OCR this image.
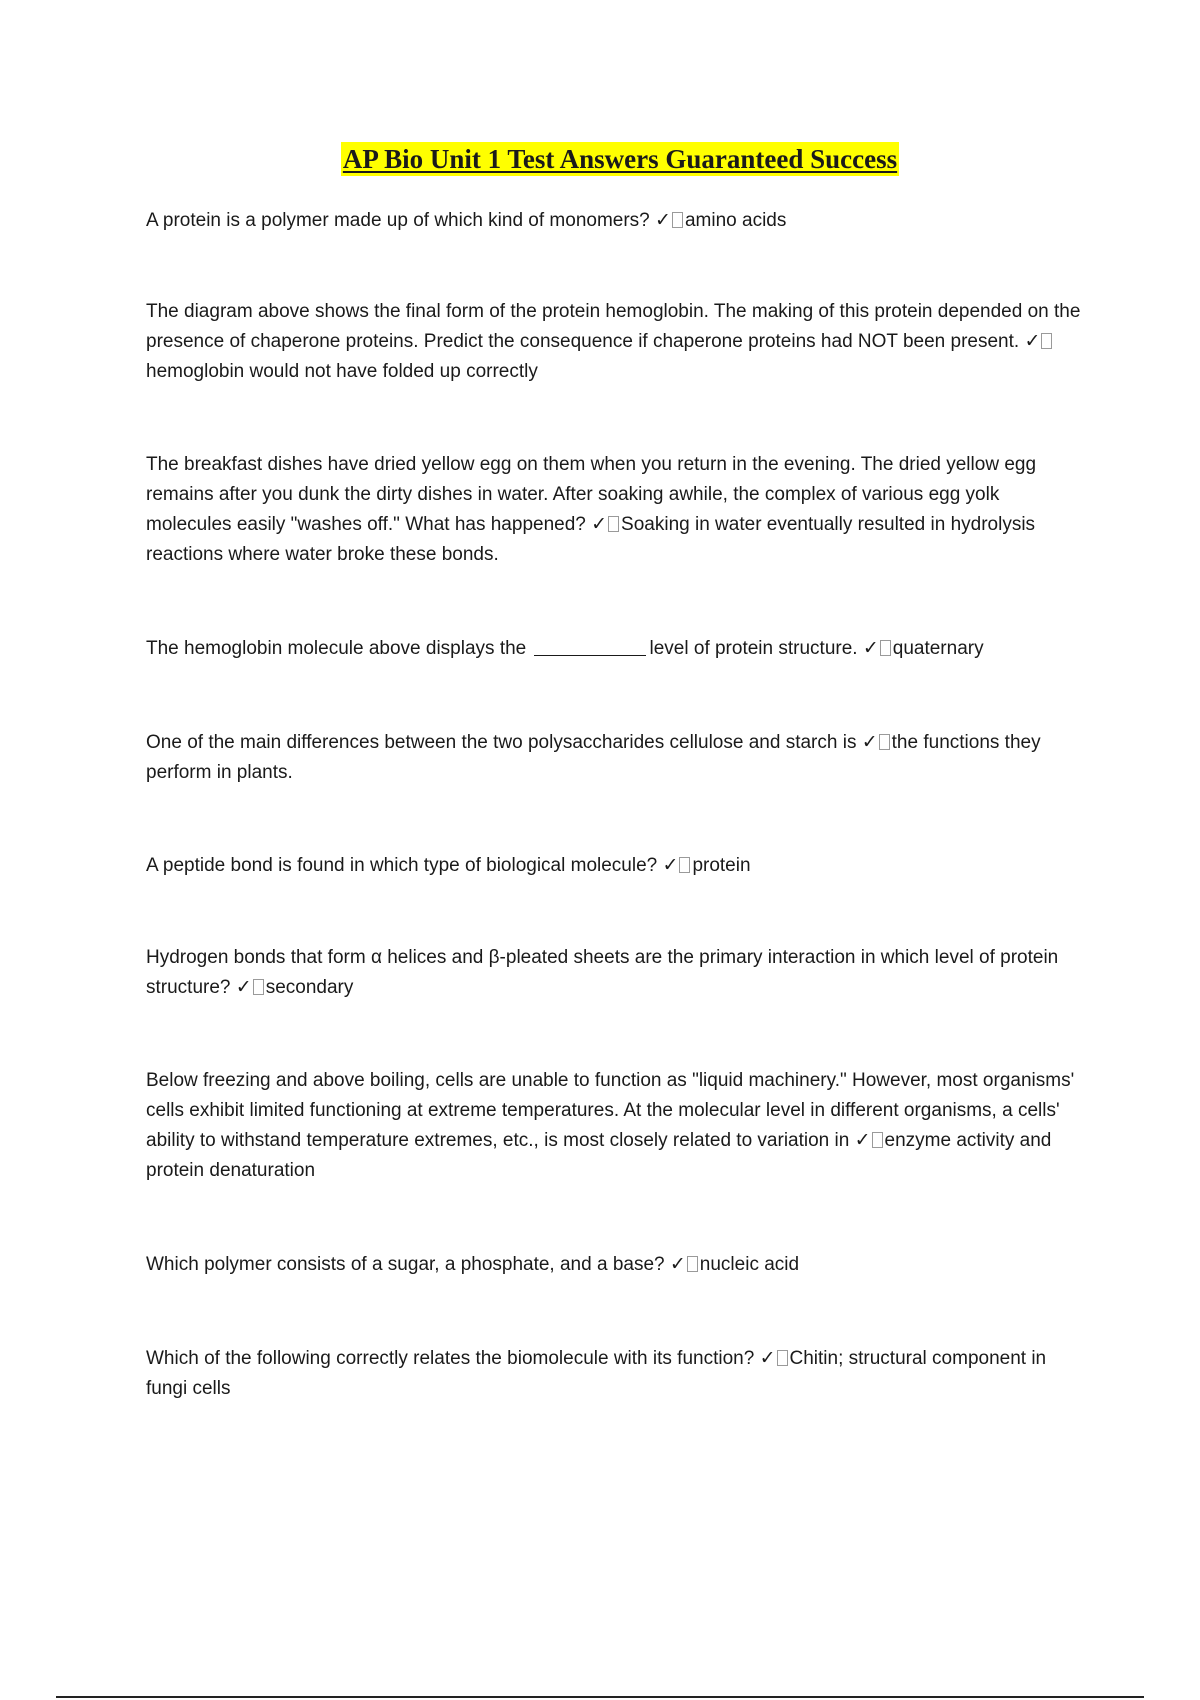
AP Bio Unit 1 Test Answers Guaranteed Success

A protein is a polymer made up of which kind of monomers? ✓ amino acids

The diagram above shows the final form of the protein hemoglobin. The making of this protein depended on the presence of chaperone proteins. Predict the consequence if chaperone proteins had NOT been present. ✓hemoglobin would not have folded up correctly

The breakfast dishes have dried yellow egg on them when you return in the evening. The dried yellow egg remains after you dunk the dirty dishes in water. After soaking awhile, the complex of various egg yolk molecules easily "washes off." What has happened? ✓ Soaking in water eventually resulted in hydrolysis reactions where water broke these bonds.

The hemoglobin molecule above displays the	level of protein structure. ✓ quaternary

One of the main differences between the two polysaccharides cellulose and starch is ✓ the functions they perform in plants.

A peptide bond is found in which type of biological molecule? ✓ protein

Hydrogen bonds that form α helices and β-pleated sheets are the primary interaction in which level of protein structure? ✓ secondary

Below freezing and above boiling, cells are unable to function as "liquid machinery." However, most organisms' cells exhibit limited functioning at extreme temperatures. At the molecular level in different organisms, a cells' ability to withstand temperature extremes, etc., is most closely related to variation in ✓ enzyme activity and protein denaturation

Which polymer consists of a sugar, a phosphate, and a base? ✓ nucleic acid

Which of the following correctly relates the biomolecule with its function? ✓ Chitin; structural component in fungi cells
